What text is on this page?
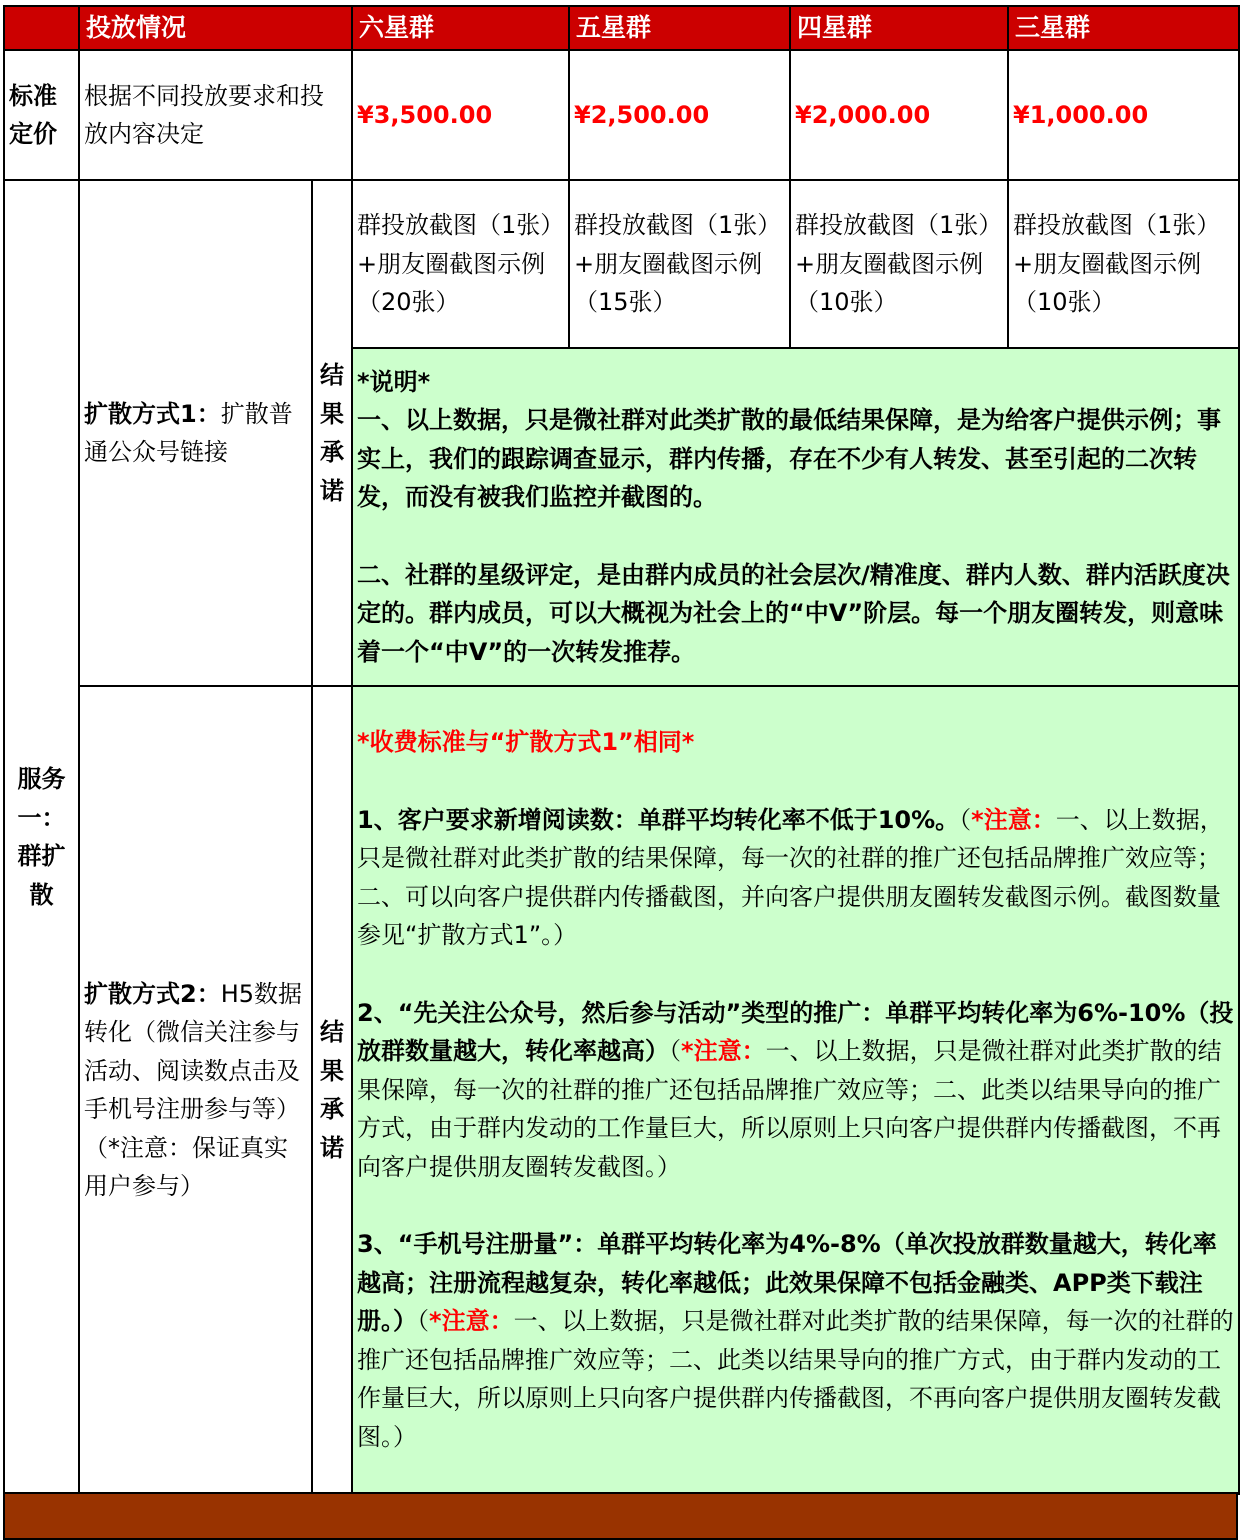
	投放情况		六星群	五星群	四星群	三星群
标准定价	根据不同投放要求和投放内容决定		¥3,500.00	¥2,500.00	¥2,000.00	¥1,000.00
服务一：群扩散	扩散方式1：扩散普通公众号链接	结果承诺	群投放截图（1张）+朋友圈截图示例（20张）	群投放截图（1张）+朋友圈截图示例（15张）	群投放截图（1张）+朋友圈截图示例（10张）	群投放截图（1张）+朋友圈截图示例（10张）

			*说明*

一、以上数据，只是微社群对此类扩散的最低结果保障，是为给客户提供示例；事实上，我们的跟踪调查显示，群内传播，存在不少有人转发、甚至引起的二次转发，而没有被我们监控并截图的。

二、社群的星级评定，是由群内成员的社会层次/精准度、群内人数、群内活跃度决定的。群内成员，可以大概视为社会上的“中V”阶层。每一个朋友圈转发，则意味着一个“中V”的一次转发推荐。			

	扩散方式2：H5数据转化（微信关注参与活动、阅读数点击及手机号注册参与等）（*注意：保证真实用户参与）	结果承诺	*收费标准与“扩散方式1”相同*

1、客户要求新增阅读数：单群平均转化率不低于10%。（*注意：一、以上数据，只是微社群对此类扩散的结果保障，每一次的社群的推广还包括品牌推广效应等；二、可以向客户提供群内传播截图，并向客户提供朋友圈转发截图示例。截图数量参见“扩散方式1”。）

2、“先关注公众号，然后参与活动”类型的推广：单群平均转化率为6%-10%（投放群数量越大，转化率越高）（*注意：一、以上数据，只是微社群对此类扩散的结果保障，每一次的社群的推广还包括品牌推广效应等；二、此类以结果导向的推广方式，由于群内发动的工作量巨大，所以原则上只向客户提供群内传播截图，不再向客户提供朋友圈转发截图。）

3、“手机号注册量”：单群平均转化率为4%-8%（单次投放群数量越大，转化率越高；注册流程越复杂，转化率越低；此效果保障不包括金融类、APP类下载注册。）（*注意：一、以上数据，只是微社群对此类扩散的结果保障，每一次的社群的推广还包括品牌推广效应等；二、此类以结果导向的推广方式，由于群内发动的工作量巨大，所以原则上只向客户提供群内传播截图，不再向客户提供朋友圈转发截图。）			
